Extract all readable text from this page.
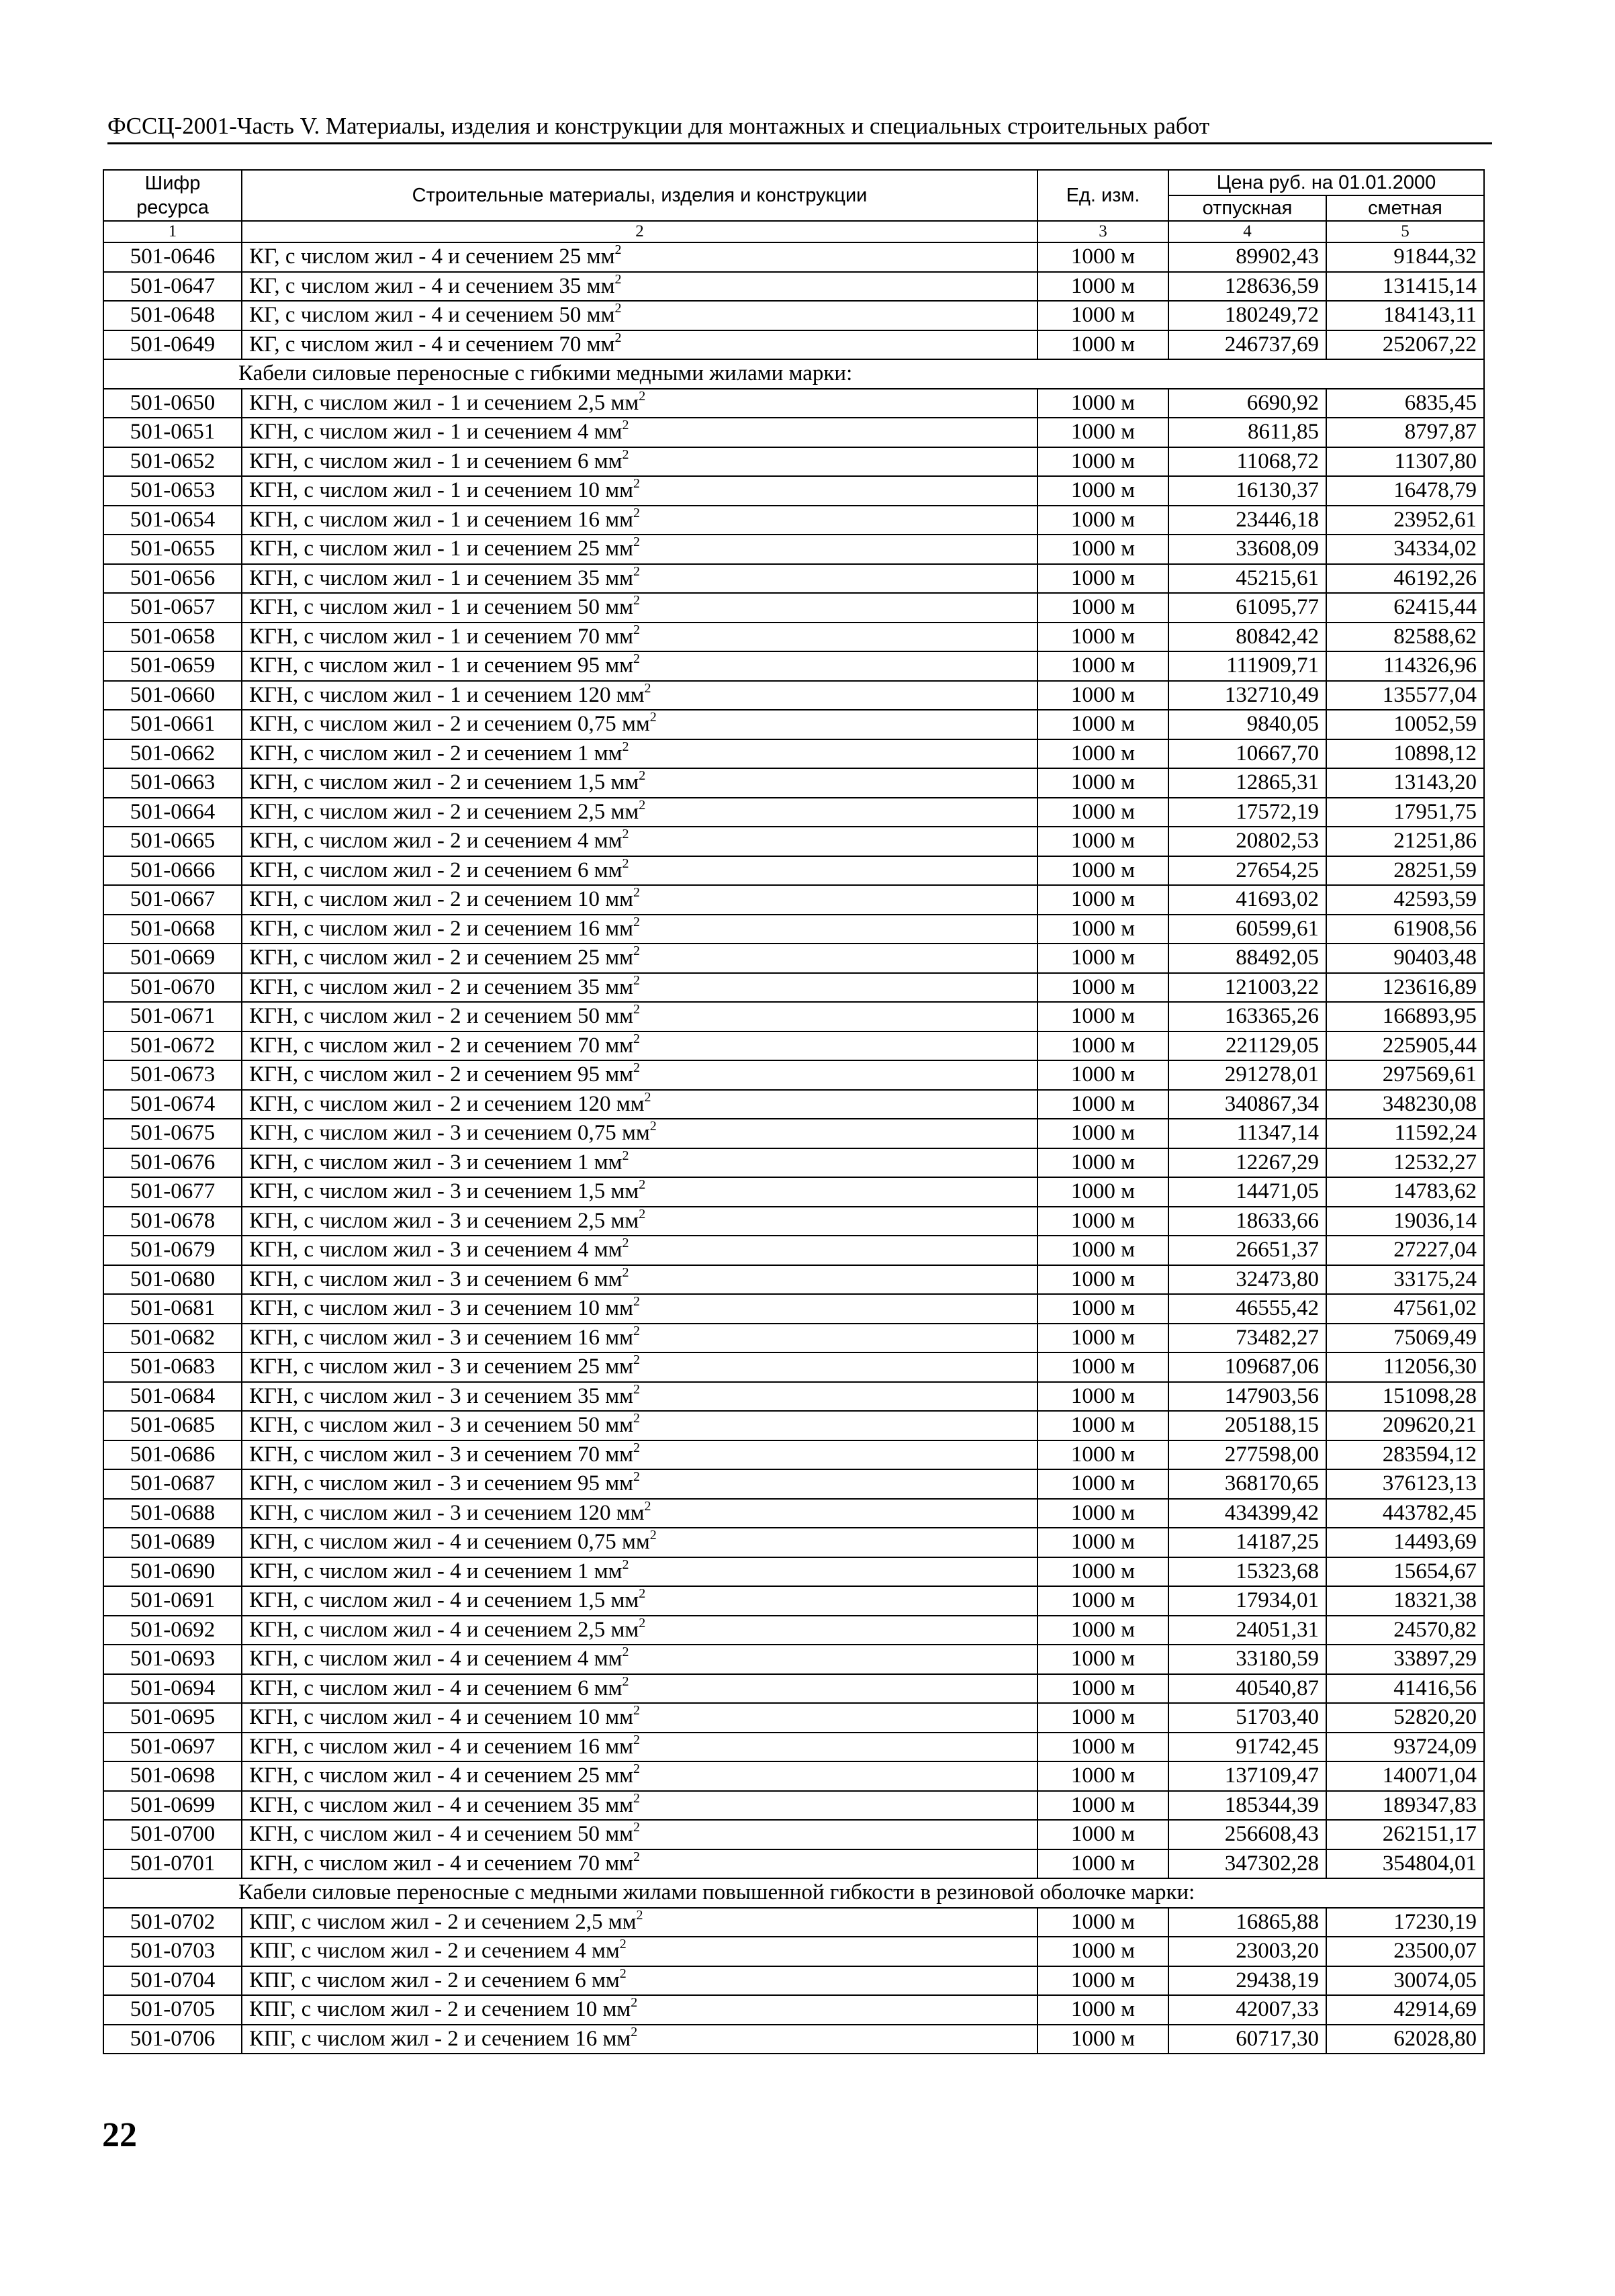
ФССЦ-2001-Часть V. Материалы, изделия и конструкции для монтажных и специальных строительных работ
Шифр ресурса	Строительные материалы, изделия и конструкции	Ед. изм.	Цена руб. на 01.01.2000	
			отпускная	сметная
1	2	3	4	5
501-0646	КГ, с числом жил - 4 и сечением 25 $мм^2$	1000 м	89902,43	91844,32
501-0647	КГ, с числом жил - 4 и сечением 35 $мм^2$	1000 м	128636,59	131415,14
501-0648	КГ, с числом жил - 4 и сечением 50 $мм^2$	1000 м	180249,72	184143,11
501-0649	КГ, с числом жил - 4 и сечением 70 $мм^2$	1000 м	246737,69	252067,22
Кабели силовые переносные с гибкими медными жилами марки:				
501-0650	КГН, с числом жил - 1 и сечением 2,5 $мм^2$	1000 м	6690,92	6835,45
501-0651	КГН, с числом жил - 1 и сечением 4 $мм^2$	1000 м	8611,85	8797,87
501-0652	КГН, с числом жил - 1 и сечением 6 $мм^2$	1000 м	11068,72	11307,80
501-0653	КГН, с числом жил - 1 и сечением 10 $мм^2$	1000 м	16130,37	16478,79
501-0654	КГН, с числом жил - 1 и сечением 16 $мм^2$	1000 м	23446,18	23952,61
501-0655	КГН, с числом жил - 1 и сечением 25 $мм^2$	1000 м	33608,09	34334,02
501-0656	КГН, с числом жил - 1 и сечением 35 $мм^2$	1000 м	45215,61	46192,26
501-0657	КГН, с числом жил - 1 и сечением 50 $мм^2$	1000 м	61095,77	62415,44
501-0658	КГН, с числом жил - 1 и сечением 70 $мм^2$	1000 м	80842,42	82588,62
501-0659	КГН, с числом жил - 1 и сечением 95 $мм^2$	1000 м	111909,71	114326,96
501-0660	КГН, с числом жил - 1 и сечением 120 $мм^2$	1000 м	132710,49	135577,04
501-0661	КГН, с числом жил - 2 и сечением 0,75 $мм^2$	1000 м	9840,05	10052,59
501-0662	КГН, с числом жил - 2 и сечением 1 $мм^2$	1000 м	10667,70	10898,12
501-0663	КГН, с числом жил - 2 и сечением 1,5 $мм^2$	1000 м	12865,31	13143,20
501-0664	КГН, с числом жил - 2 и сечением 2,5 $мм^2$	1000 м	17572,19	17951,75
501-0665	КГН, с числом жил - 2 и сечением 4 $мм^2$	1000 м	20802,53	21251,86
501-0666	КГН, с числом жил - 2 и сечением 6 $мм^2$	1000 м	27654,25	28251,59
501-0667	КГН, с числом жил - 2 и сечением 10 $мм^2$	1000 м	41693,02	42593,59
501-0668	КГН, с числом жил - 2 и сечением 16 $мм^2$	1000 м	60599,61	61908,56
501-0669	КГН, с числом жил - 2 и сечением 25 $мм^2$	1000 м	88492,05	90403,48
501-0670	КГН, с числом жил - 2 и сечением 35 $мм^2$	1000 м	121003,22	123616,89
501-0671	КГН, с числом жил - 2 и сечением 50 $мм^2$	1000 м	163365,26	166893,95
501-0672	КГН, с числом жил - 2 и сечением 70 $мм^2$	1000 м	221129,05	225905,44
501-0673	КГН, с числом жил - 2 и сечением 95 $мм^2$	1000 м	291278,01	297569,61
501-0674	КГН, с числом жил - 2 и сечением 120 $мм^2$	1000 м	340867,34	348230,08
501-0675	КГН, с числом жил - 3 и сечением 0,75 $мм^2$	1000 м	11347,14	11592,24
501-0676	КГН, с числом жил - 3 и сечением 1 $мм^2$	1000 м	12267,29	12532,27
501-0677	КГН, с числом жил - 3 и сечением 1,5 $мм^2$	1000 м	14471,05	14783,62
501-0678	КГН, с числом жил - 3 и сечением 2,5 $мм^2$	1000 м	18633,66	19036,14
501-0679	КГН, с числом жил - 3 и сечением 4 $мм^2$	1000 м	26651,37	27227,04
501-0680	КГН, с числом жил - 3 и сечением 6 $мм^2$	1000 м	32473,80	33175,24
501-0681	КГН, с числом жил - 3 и сечением 10 $мм^2$	1000 м	46555,42	47561,02
501-0682	КГН, с числом жил - 3 и сечением 16 $мм^2$	1000 м	73482,27	75069,49
501-0683	КГН, с числом жил - 3 и сечением 25 $мм^2$	1000 м	109687,06	112056,30
501-0684	КГН, с числом жил - 3 и сечением 35 $мм^2$	1000 м	147903,56	151098,28
501-0685	КГН, с числом жил - 3 и сечением 50 $мм^2$	1000 м	205188,15	209620,21
501-0686	КГН, с числом жил - 3 и сечением 70 $мм^2$	1000 м	277598,00	283594,12
501-0687	КГН, с числом жил - 3 и сечением 95 $мм^2$	1000 м	368170,65	376123,13
501-0688	КГН, с числом жил - 3 и сечением 120 $мм^2$	1000 м	434399,42	443782,45
501-0689	КГН, с числом жил - 4 и сечением 0,75 $мм^2$	1000 м	14187,25	14493,69
501-0690	КГН, с числом жил - 4 и сечением 1 $мм^2$	1000 м	15323,68	15654,67
501-0691	КГН, с числом жил - 4 и сечением 1,5 $мм^2$	1000 м	17934,01	18321,38
501-0692	КГН, с числом жил - 4 и сечением 2,5 $мм^2$	1000 м	24051,31	24570,82
501-0693	КГН, с числом жил - 4 и сечением 4 $мм^2$	1000 м	33180,59	33897,29
501-0694	КГН, с числом жил - 4 и сечением 6 $мм^2$	1000 м	40540,87	41416,56
501-0695	КГН, с числом жил - 4 и сечением 10 $мм^2$	1000 м	51703,40	52820,20
501-0697	КГН, с числом жил - 4 и сечением 16 $мм^2$	1000 м	91742,45	93724,09
501-0698	КГН, с числом жил - 4 и сечением 25 $мм^2$	1000 м	137109,47	140071,04
501-0699	КГН, с числом жил - 4 и сечением 35 $мм^2$	1000 м	185344,39	189347,83
501-0700	КГН, с числом жил - 4 и сечением 50 $мм^2$	1000 м	256608,43	262151,17
501-0701	КГН, с числом жил - 4 и сечением 70 $мм^2$	1000 м	347302,28	354804,01
Кабели силовые переносные с медными жилами повышенной гибкости в резиновой оболочке марки:				
501-0702	КПГ, с числом жил - 2 и сечением 2,5 $мм^2$	1000 м	16865,88	17230,19
501-0703	КПГ, с числом жил - 2 и сечением 4 $мм^2$	1000 м	23003,20	23500,07
501-0704	КПГ, с числом жил - 2 и сечением 6 $мм^2$	1000 м	29438,19	30074,05
501-0705	КПГ, с числом жил - 2 и сечением 10 $мм^2$	1000 м	42007,33	42914,69
501-0706	КПГ, с числом жил - 2 и сечением 16 $мм^2$	1000 м	60717,30	62028,80
22
